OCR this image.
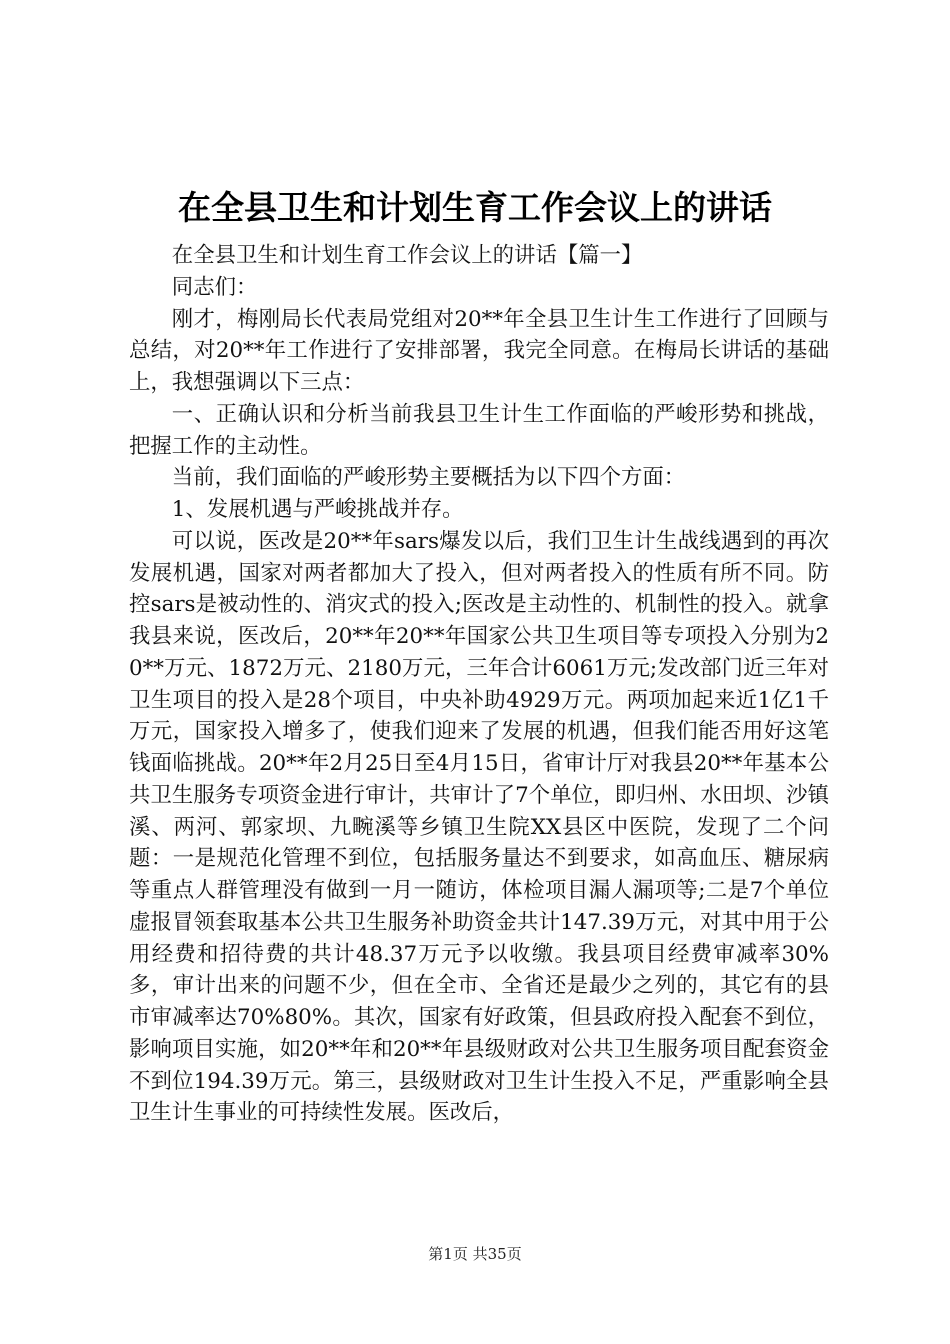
在全县卫生和计划生育工作会议上的讲话

在全县卫生和计划生育工作会议上的讲话【篇一】

同志们：

刚才，梅刚局长代表局党组对20**年全县卫生计生工作进行了回顾与总结，对20**年工作进行了安排部署，我完全同意。在梅局长讲话的基础上，我想强调以下三点：

一、正确认识和分析当前我县卫生计生工作面临的严峻形势和挑战，把握工作的主动性。

当前，我们面临的严峻形势主要概括为以下四个方面：

1、发展机遇与严峻挑战并存。

可以说，医改是20**年sars爆发以后，我们卫生计生战线遇到的再次发展机遇，国家对两者都加大了投入，但对两者投入的性质有所不同。防控sars是被动性的、消灾式的投入;医改是主动性的、机制性的投入。就拿我县来说，医改后，20**年20**年国家公共卫生项目等专项投入分别为20**万元、1872万元、2180万元，三年合计6061万元;发改部门近三年对卫生项目的投入是28个项目，中央补助4929万元。两项加起来近1亿1千万元，国家投入增多了，使我们迎来了发展的机遇，但我们能否用好这笔钱面临挑战。20**年2月25日至4月15日，省审计厅对我县20**年基本公共卫生服务专项资金进行审计，共审计了7个单位，即归州、水田坝、沙镇溪、两河、郭家坝、九畹溪等乡镇卫生院XX县区中医院，发现了二个问题：一是规范化管理不到位，包括服务量达不到要求，如高血压、糖尿病等重点人群管理没有做到一月一随访，体检项目漏人漏项等;二是7个单位虚报冒领套取基本公共卫生服务补助资金共计147.39万元，对其中用于公用经费和招待费的共计48.37万元予以收缴。我县项目经费审减率30%多，审计出来的问题不少，但在全市、全省还是最少之列的，其它有的县市审减率达70%80%。其次，国家有好政策，但县政府投入配套不到位，影响项目实施，如20**年和20**年县级财政对公共卫生服务项目配套资金不到位194.39万元。第三，县级财政对卫生计生投入不足，严重影响全县卫生计生事业的可持续性发展。医改后，

第1页 共35页
